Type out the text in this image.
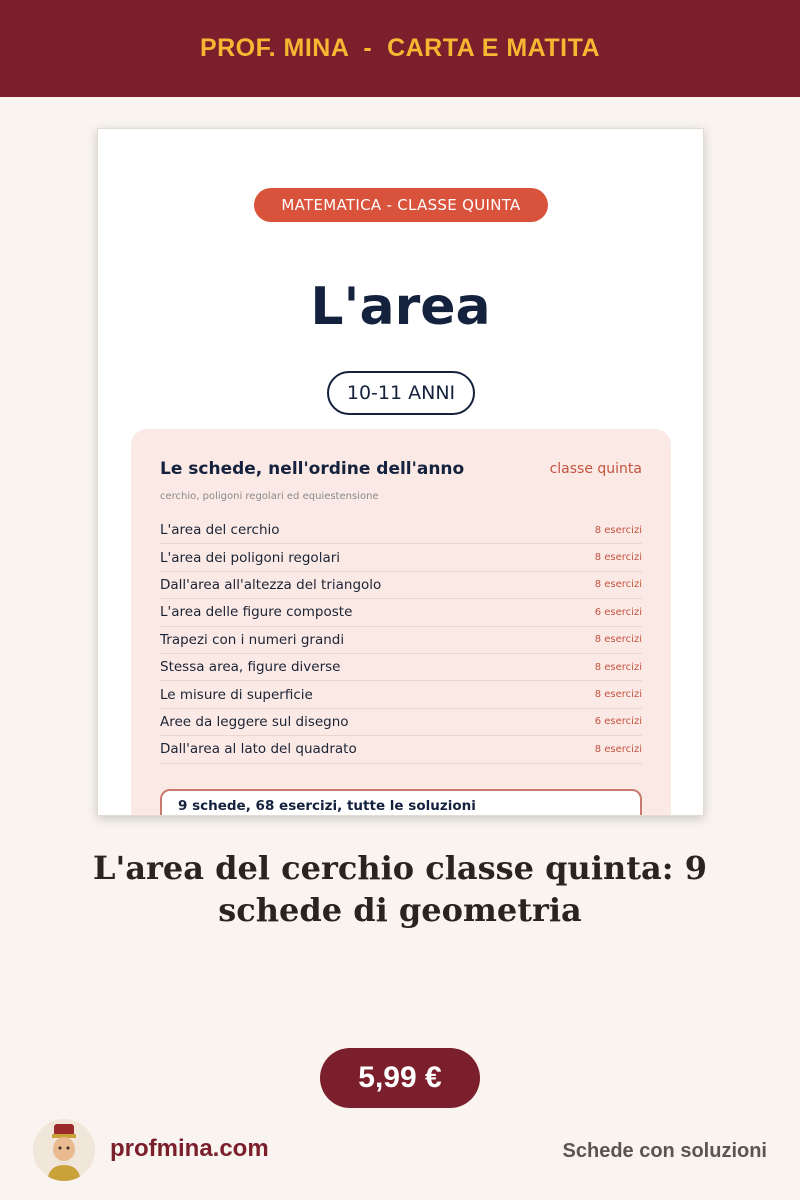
PROF. MINA  -  CARTA E MATITA
MATEMATICA - CLASSE QUINTA
L'area
10-11 ANNI
Le schede, nell'ordine dell'anno	classe quinta
cerchio, poligoni regolari ed equiestensione
L'area del cerchio	8 esercizi
L'area dei poligoni regolari	8 esercizi
Dall'area all'altezza del triangolo	8 esercizi
L'area delle figure composte	6 esercizi
Trapezi con i numeri grandi	8 esercizi
Stessa area, figure diverse	8 esercizi
Le misure di superficie	8 esercizi
Aree da leggere sul disegno	6 esercizi
Dall'area al lato del quadrato	8 esercizi
9 schede, 68 esercizi, tutte le soluzioni
L'area del cerchio classe quinta: 9 schede di geometria
5,99 €
profmina.com	Schede con soluzioni
